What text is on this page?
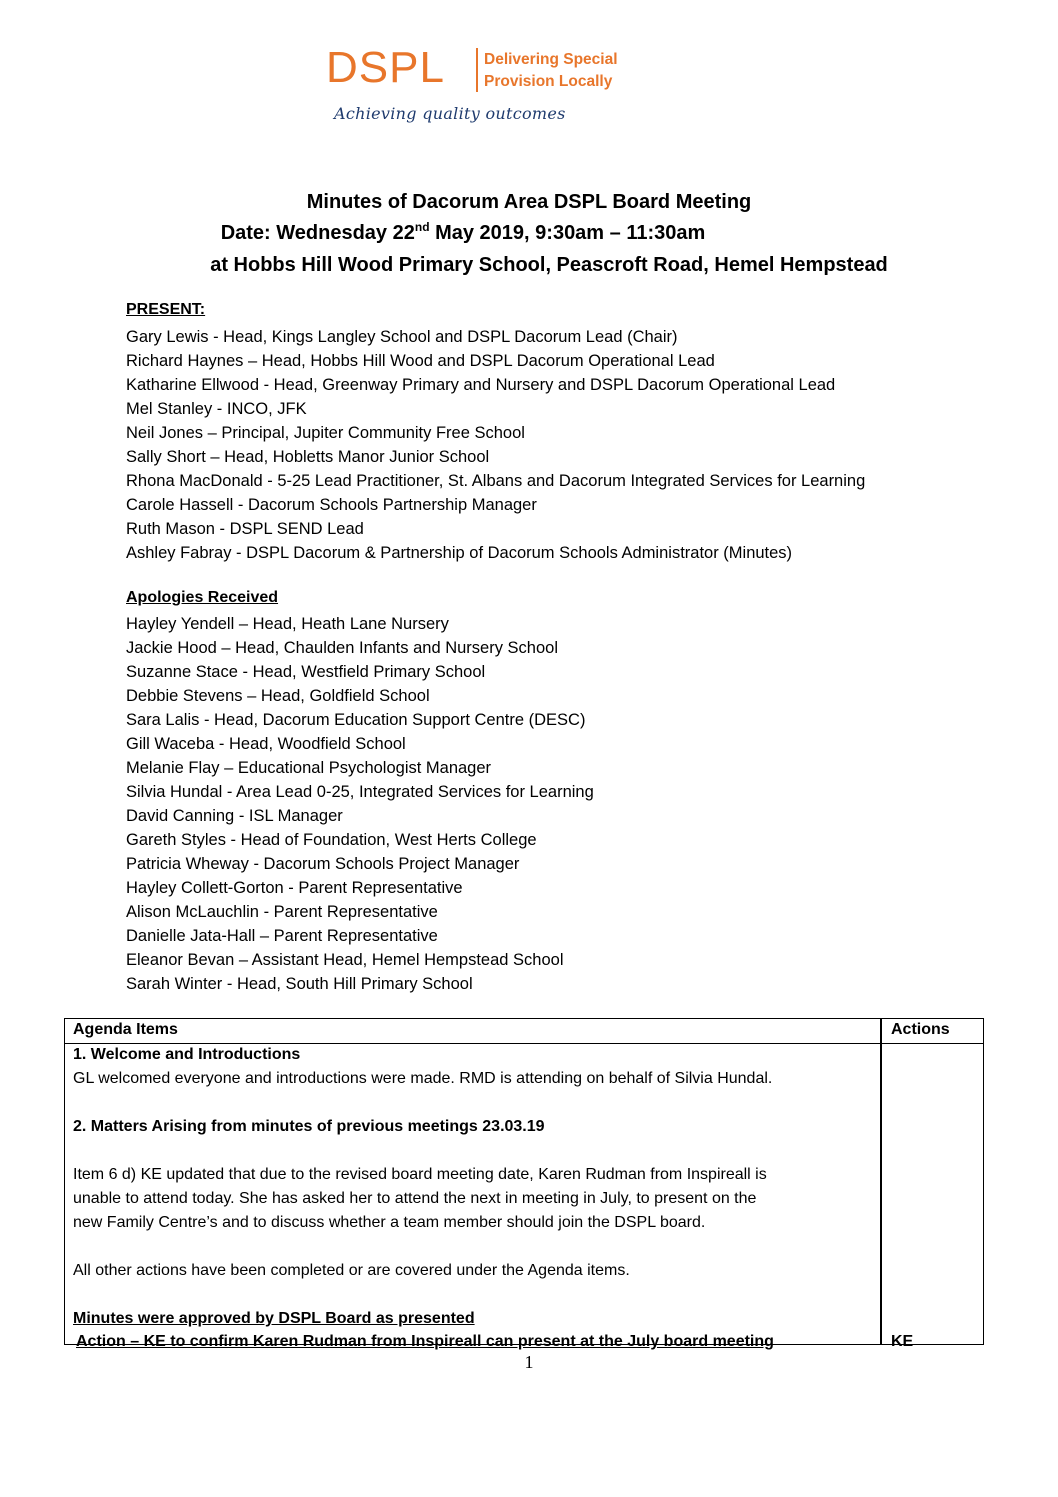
DSPL	Delivering Special
Provision Locally
Achieving quality outcomes
Minutes of Dacorum Area DSPL Board Meeting
Date: Wednesday 22nd May 2019, 9:30am – 11:30am
at Hobbs Hill Wood Primary School, Peascroft Road, Hemel Hempstead
PRESENT:
Gary Lewis - Head, Kings Langley School and DSPL Dacorum Lead (Chair)
Richard Haynes – Head, Hobbs Hill Wood and DSPL Dacorum Operational Lead
Katharine Ellwood - Head, Greenway Primary and Nursery and DSPL Dacorum Operational Lead
Mel Stanley - INCO, JFK
Neil Jones – Principal, Jupiter Community Free School
Sally Short – Head, Hobletts Manor Junior School
Rhona MacDonald - 5-25 Lead Practitioner, St. Albans and Dacorum Integrated Services for Learning
Carole Hassell - Dacorum Schools Partnership Manager
Ruth Mason - DSPL SEND Lead
Ashley Fabray - DSPL Dacorum & Partnership of Dacorum Schools Administrator (Minutes)
Apologies Received
Hayley Yendell – Head, Heath Lane Nursery
Jackie Hood – Head, Chaulden Infants and Nursery School
Suzanne Stace - Head, Westfield Primary School
Debbie Stevens – Head, Goldfield School
Sara Lalis - Head, Dacorum Education Support Centre (DESC)
Gill Waceba - Head, Woodfield School
Melanie Flay – Educational Psychologist Manager
Silvia Hundal - Area Lead 0-25, Integrated Services for Learning
David Canning - ISL Manager
Gareth Styles - Head of Foundation, West Herts College
Patricia Wheway - Dacorum Schools Project Manager
Hayley Collett-Gorton - Parent Representative
Alison McLauchlin - Parent Representative
Danielle Jata-Hall – Parent Representative
Eleanor Bevan – Assistant Head, Hemel Hempstead School
Sarah Winter - Head, South Hill Primary School
Agenda Items	Actions
1. Welcome and Introductions
GL welcomed everyone and introductions were made. RMD is attending on behalf of Silvia Hundal.
2. Matters Arising from minutes of previous meetings 23.03.19
Item 6 d) KE updated that due to the revised board meeting date, Karen Rudman from Inspireall is
unable to attend today. She has asked her to attend the next in meeting in July, to present on the
new Family Centre’s and to discuss whether a team member should join the DSPL board.
All other actions have been completed or are covered under the Agenda items.
Minutes were approved by DSPL Board as presented
Action – KE to confirm Karen Rudman from Inspireall can present at the July board meeting	KE
1
